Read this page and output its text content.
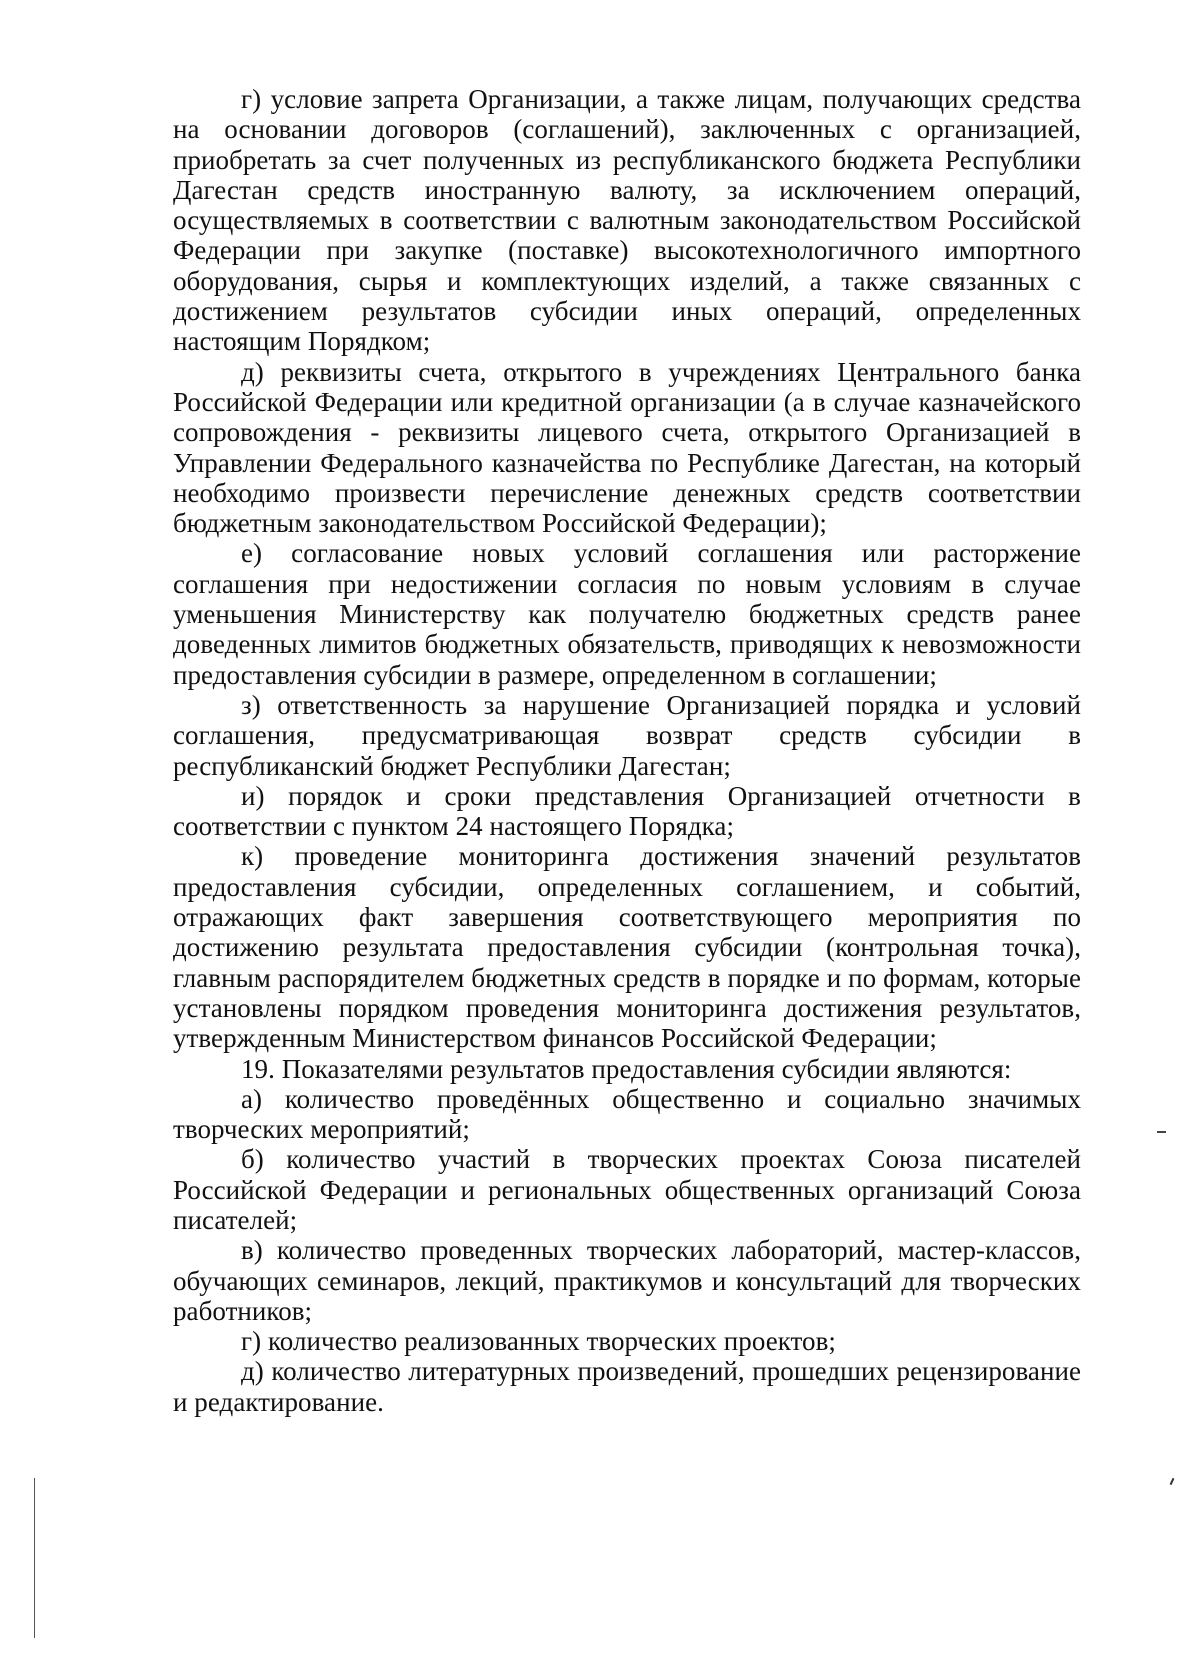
г) условие запрета Организации, а также лицам, получающих средства на основании договоров (соглашений), заключенных с организацией, приобретать за счет полученных из республиканского бюджета Республики Дагестан средств иностранную валюту, за исключением операций, осуществляемых в соответствии с валютным законодательством Российской Федерации при закупке (поставке) высокотехнологичного импортного оборудования, сырья и комплектующих изделий, а также связанных с достижением результатов субсидии иных операций, определенных настоящим Порядком;

д) реквизиты счета, открытого в учреждениях Центрального банка Российской Федерации или кредитной организации (а в случае казначейского сопровождения - реквизиты лицевого счета, открытого Организацией в Управлении Федерального казначейства по Республике Дагестан, на который необходимо произвести перечисление денежных средств соответствии бюджетным законодательством Российской Федерации);

е) согласование новых условий соглашения или расторжение соглашения при недостижении согласия по новым условиям в случае уменьшения Министерству как получателю бюджетных средств ранее доведенных лимитов бюджетных обязательств, приводящих к невозможности предоставления субсидии в размере, определенном в соглашении;

з) ответственность за нарушение Организацией порядка и условий соглашения, предусматривающая возврат средств субсидии в республиканский бюджет Республики Дагестан;

и) порядок и сроки представления Организацией отчетности в соответствии с пунктом 24 настоящего Порядка;

к) проведение мониторинга достижения значений результатов предоставления субсидии, определенных соглашением, и событий, отражающих факт завершения соответствующего мероприятия по достижению результата предоставления субсидии (контрольная точка), главным распорядителем бюджетных средств в порядке и по формам, которые установлены порядком проведения мониторинга достижения результатов, утвержденным Министерством финансов Российской Федерации;

19. Показателями результатов предоставления субсидии являются:

а) количество проведённых общественно и социально значимых творческих мероприятий;

б) количество участий в творческих проектах Союза писателей Российской Федерации и региональных общественных организаций Союза писателей;

в) количество проведенных творческих лабораторий, мастер-классов, обучающих семинаров, лекций, практикумов и консультаций для творческих работников;

г) количество реализованных творческих проектов;

д) количество литературных произведений, прошедших рецензирование и редактирование.
